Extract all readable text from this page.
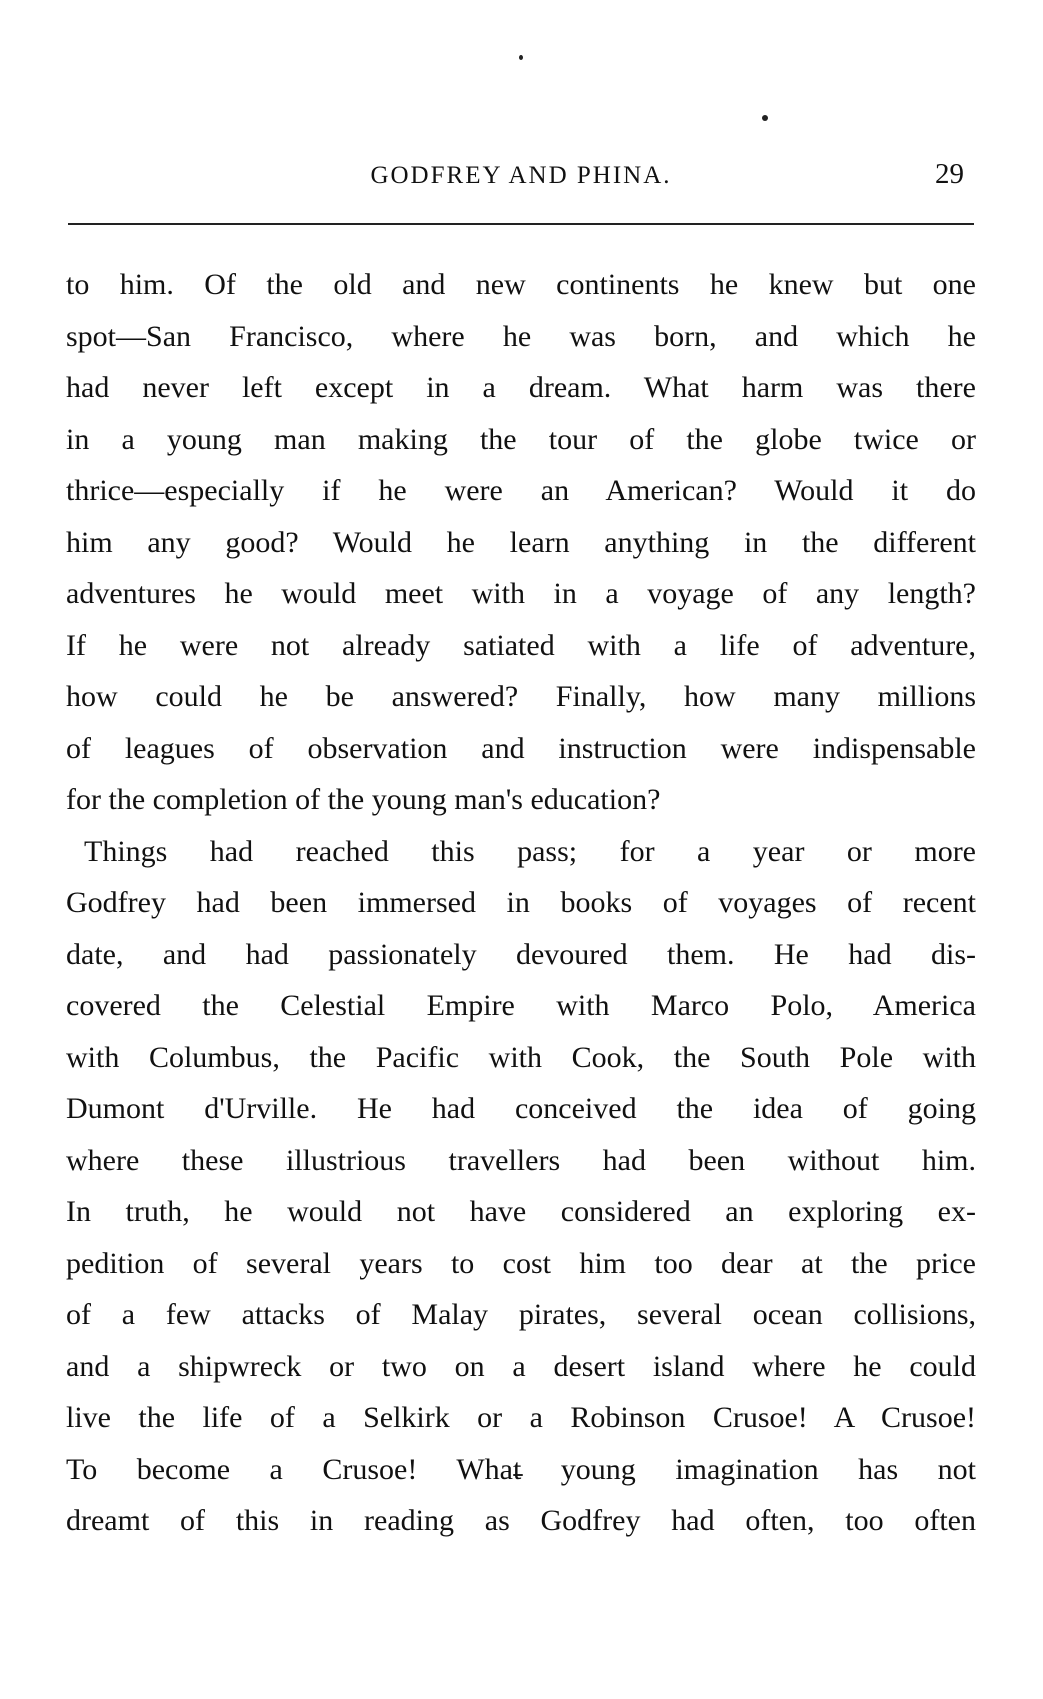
GODFREY AND PHINA.	29
to him. Of the old and new continents he knew but one
spot—San Francisco, where he was born, and which he
had never left except in a dream. What harm was there
in a young man making the tour of the globe twice or
thrice—especially if he were an American? Would it do
him any good? Would he learn anything in the different
adventures he would meet with in a voyage of any length?
If he were not already satiated with a life of adventure,
how could he be answered? Finally, how many millions
of leagues of observation and instruction were indispensable
for the completion of the young man's education?
Things had reached this pass; for a year or more
Godfrey had been immersed in books of voyages of recent
date, and had passionately devoured them. He had dis-
covered the Celestial Empire with Marco Polo, America
with Columbus, the Pacific with Cook, the South Pole with
Dumont d'Urville. He had conceived the idea of going
where these illustrious travellers had been without him.
In truth, he would not have considered an exploring ex-
pedition of several years to cost him too dear at the price
of a few attacks of Malay pirates, several ocean collisions,
and a shipwreck or two on a desert island where he could
live the life of a Selkirk or a Robinson Crusoe! A Crusoe!
To become a Crusoe! What young imagination has not
dreamt of this in reading as Godfrey had often, too often
